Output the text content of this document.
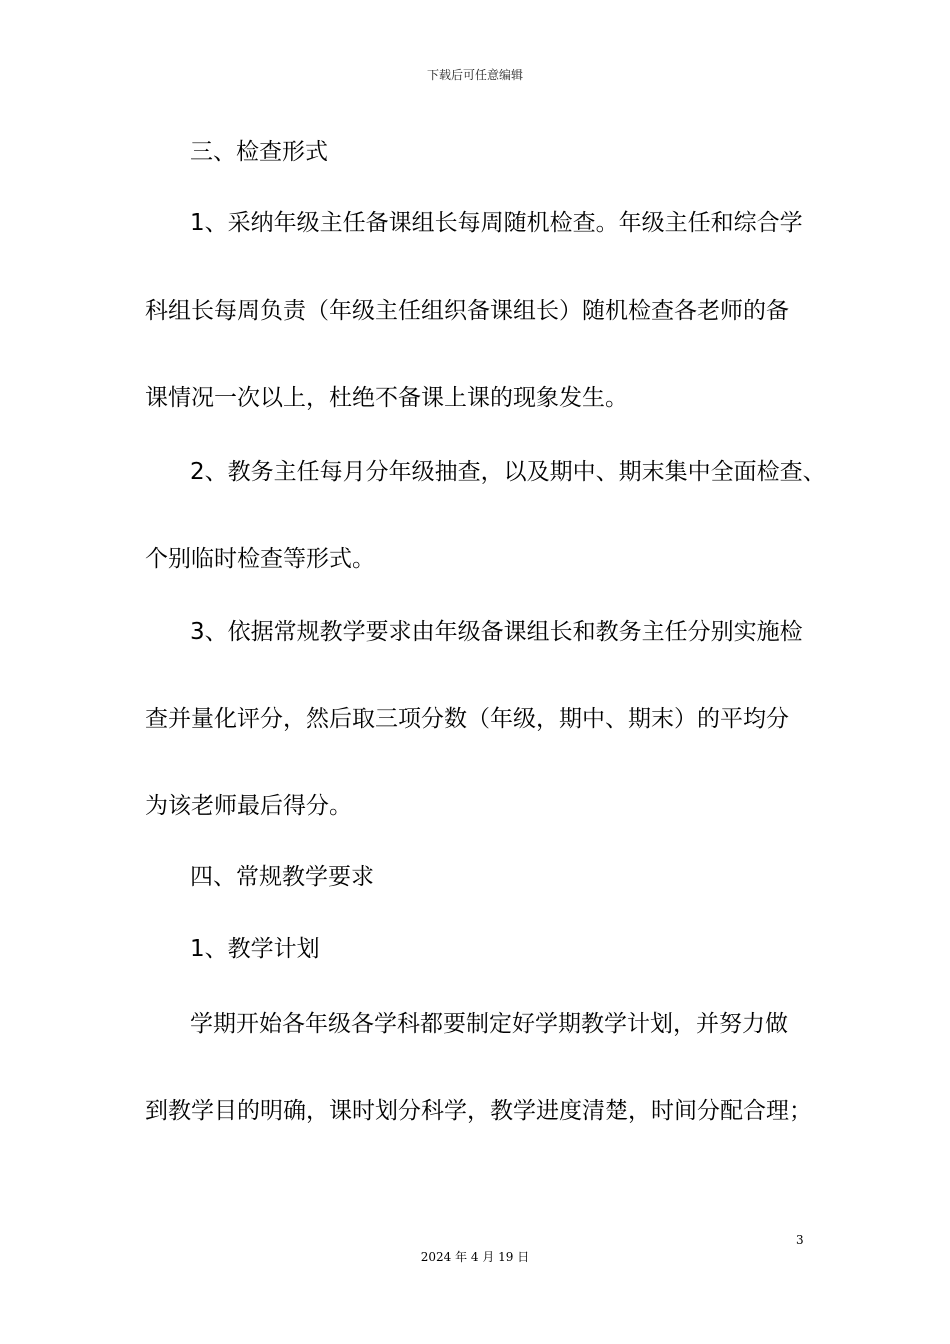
下载后可任意编辑
三、检查形式
1、采纳年级主任备课组长每周随机检查。年级主任和综合学
科组长每周负责（年级主任组织备课组长）随机检查各老师的备
课情况一次以上，杜绝不备课上课的现象发生。
2、教务主任每月分年级抽查，以及期中、期末集中全面检查、
个别临时检查等形式。
3、依据常规教学要求由年级备课组长和教务主任分别实施检
查并量化评分，然后取三项分数（年级，期中、期末）的平均分
为该老师最后得分。
四、常规教学要求
1、教学计划
学期开始各年级各学科都要制定好学期教学计划，并努力做
到教学目的明确，课时划分科学，教学进度清楚，时间分配合理；
3
2024 年 4 月 19 日
